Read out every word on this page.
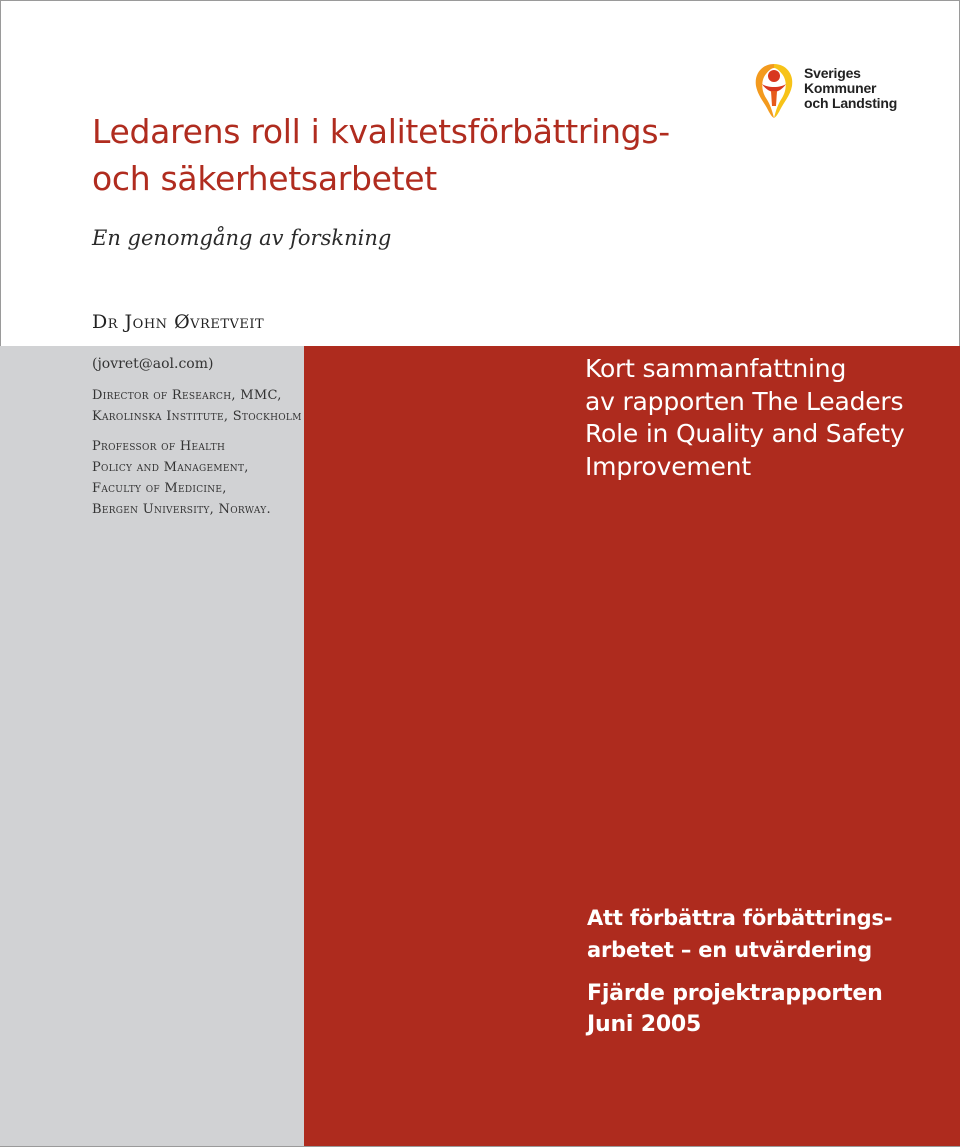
Ledarens roll i kvalitetsförbättrings-
och säkerhetsarbetet

En genomgång av forskning

Dr John Øvretveit

Sveriges
Kommuner
och Landsting

(jovret@aol.com)

Director of Research, MMC,

Karolinska Institute, Stockholm

Professor of Health

Policy and Management,

Faculty of Medicine,

Bergen University, Norway.

Kort sammanfattning
av rapporten The Leaders
Role in Quality and Safety
Improvement

Att förbättra förbättrings-
arbetet – en utvärdering

Fjärde projektrapporten
Juni 2005
